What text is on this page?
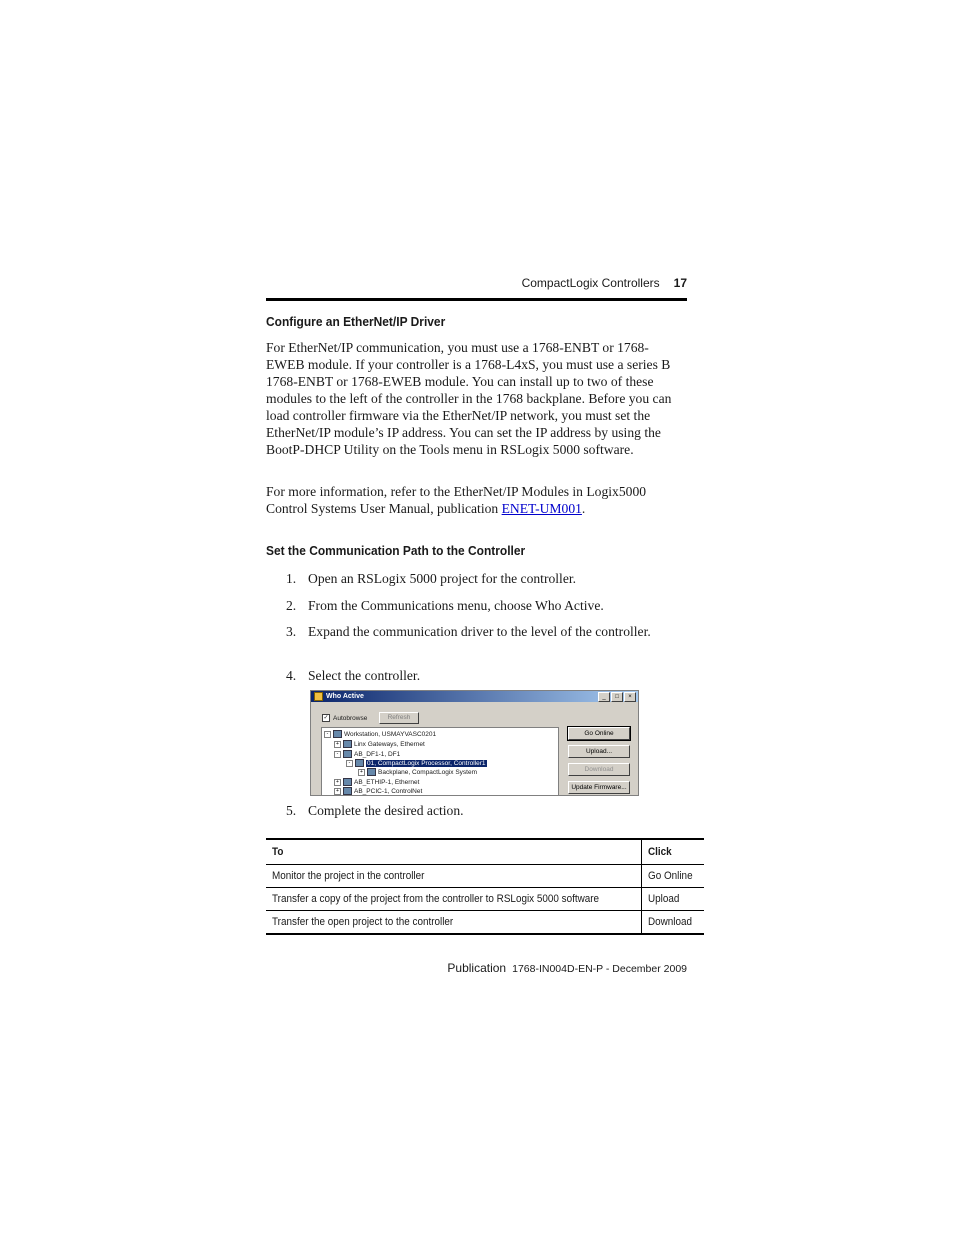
CompactLogix Controllers 17
Configure an EtherNet/IP Driver

For EtherNet/IP communication, you must use a 1768-ENBT or 1768-EWEB module. If your controller is a 1768-L4xS, you must use a series B 1768-ENBT or 1768-EWEB module. You can install up to two of these modules to the left of the controller in the 1768 backplane. Before you can load controller firmware via the EtherNet/IP network, you must set the EtherNet/IP module’s IP address. You can set the IP address by using the BootP-DHCP Utility on the Tools menu in RSLogix 5000 software.

For more information, refer to the EtherNet/IP Modules in Logix5000 Control Systems User Manual, publication ENET-UM001.

Set the Communication Path to the Controller
1. Open an RSLogix 5000 project for the controller.
2. From the Communications menu, choose Who Active.
3. Expand the communication driver to the level of the controller.
4. Select the controller.
Who Active	_	□	×
✓ Autobrowse	Refresh
-	Workstation, USMAYVASC0201
+	Linx Gateways, Ethernet
-	AB_DF1-1, DF1
-	01, CompactLogix Processor, Controller1
+	Backplane, CompactLogix System
+	AB_ETHIP-1, Ethernet
+	AB_PCIC-1, ControlNet
Go Online
Upload...
Download
Update Firmware...
5. Complete the desired action.
To	Click
Monitor the project in the controller	Go Online
Transfer a copy of the project from the controller to RSLogix 5000 software	Upload
Transfer the open project to the controller	Download
Publication 1768-IN004D-EN-P - December 2009
